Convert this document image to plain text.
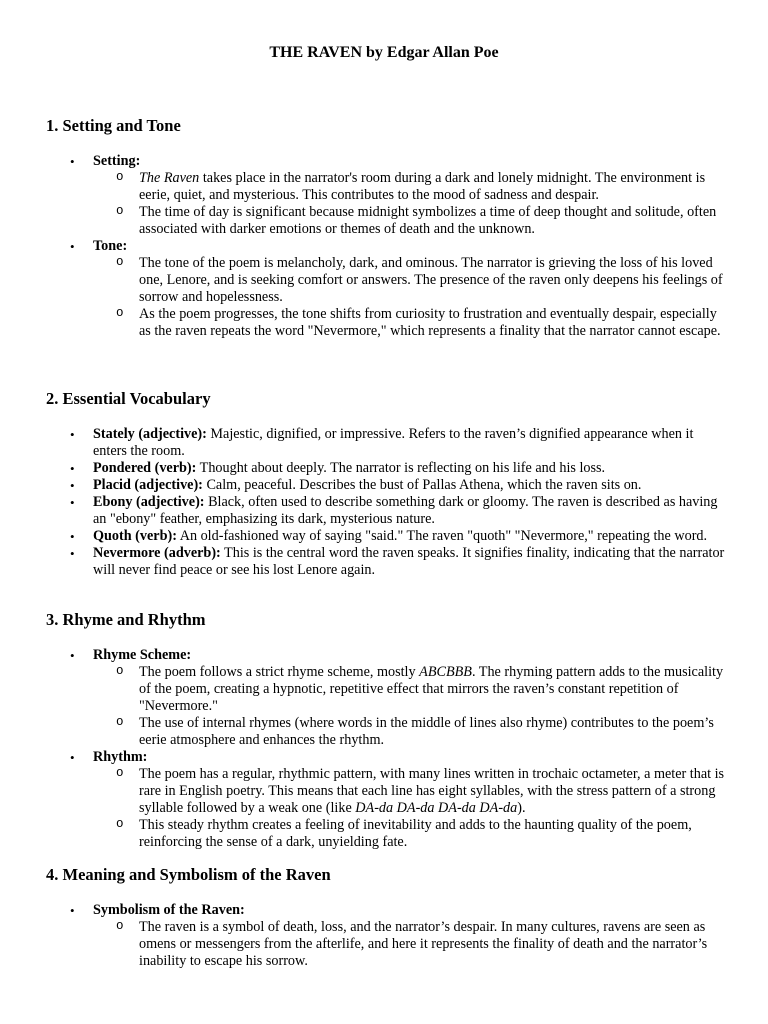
THE RAVEN by Edgar Allan Poe
1. Setting and Tone
• Setting:
o The Raven takes place in the narrator's room during a dark and lonely midnight. The environment is eerie, quiet, and mysterious. This contributes to the mood of sadness and despair.
o The time of day is significant because midnight symbolizes a time of deep thought and solitude, often associated with darker emotions or themes of death and the unknown.
• Tone:
o The tone of the poem is melancholy, dark, and ominous. The narrator is grieving the loss of his loved one, Lenore, and is seeking comfort or answers. The presence of the raven only deepens his feelings of sorrow and hopelessness.
o As the poem progresses, the tone shifts from curiosity to frustration and eventually despair, especially as the raven repeats the word "Nevermore," which represents a finality that the narrator cannot escape.
2. Essential Vocabulary
• Stately (adjective): Majestic, dignified, or impressive. Refers to the raven’s dignified appearance when it enters the room.
• Pondered (verb): Thought about deeply. The narrator is reflecting on his life and his loss.
• Placid (adjective): Calm, peaceful. Describes the bust of Pallas Athena, which the raven sits on.
• Ebony (adjective): Black, often used to describe something dark or gloomy. The raven is described as having an "ebony" feather, emphasizing its dark, mysterious nature.
• Quoth (verb): An old-fashioned way of saying "said." The raven "quoth" "Nevermore," repeating the word.
• Nevermore (adverb): This is the central word the raven speaks. It signifies finality, indicating that the narrator will never find peace or see his lost Lenore again.
3. Rhyme and Rhythm
• Rhyme Scheme:
o The poem follows a strict rhyme scheme, mostly ABCBBB. The rhyming pattern adds to the musicality of the poem, creating a hypnotic, repetitive effect that mirrors the raven’s constant repetition of "Nevermore."
o The use of internal rhymes (where words in the middle of lines also rhyme) contributes to the poem’s eerie atmosphere and enhances the rhythm.
• Rhythm:
o The poem has a regular, rhythmic pattern, with many lines written in trochaic octameter, a meter that is rare in English poetry. This means that each line has eight syllables, with the stress pattern of a strong syllable followed by a weak one (like DA-da DA-da DA-da DA-da).
o This steady rhythm creates a feeling of inevitability and adds to the haunting quality of the poem, reinforcing the sense of a dark, unyielding fate.
4. Meaning and Symbolism of the Raven
• Symbolism of the Raven:
o The raven is a symbol of death, loss, and the narrator’s despair. In many cultures, ravens are seen as omens or messengers from the afterlife, and here it represents the finality of death and the narrator’s inability to escape his sorrow.
